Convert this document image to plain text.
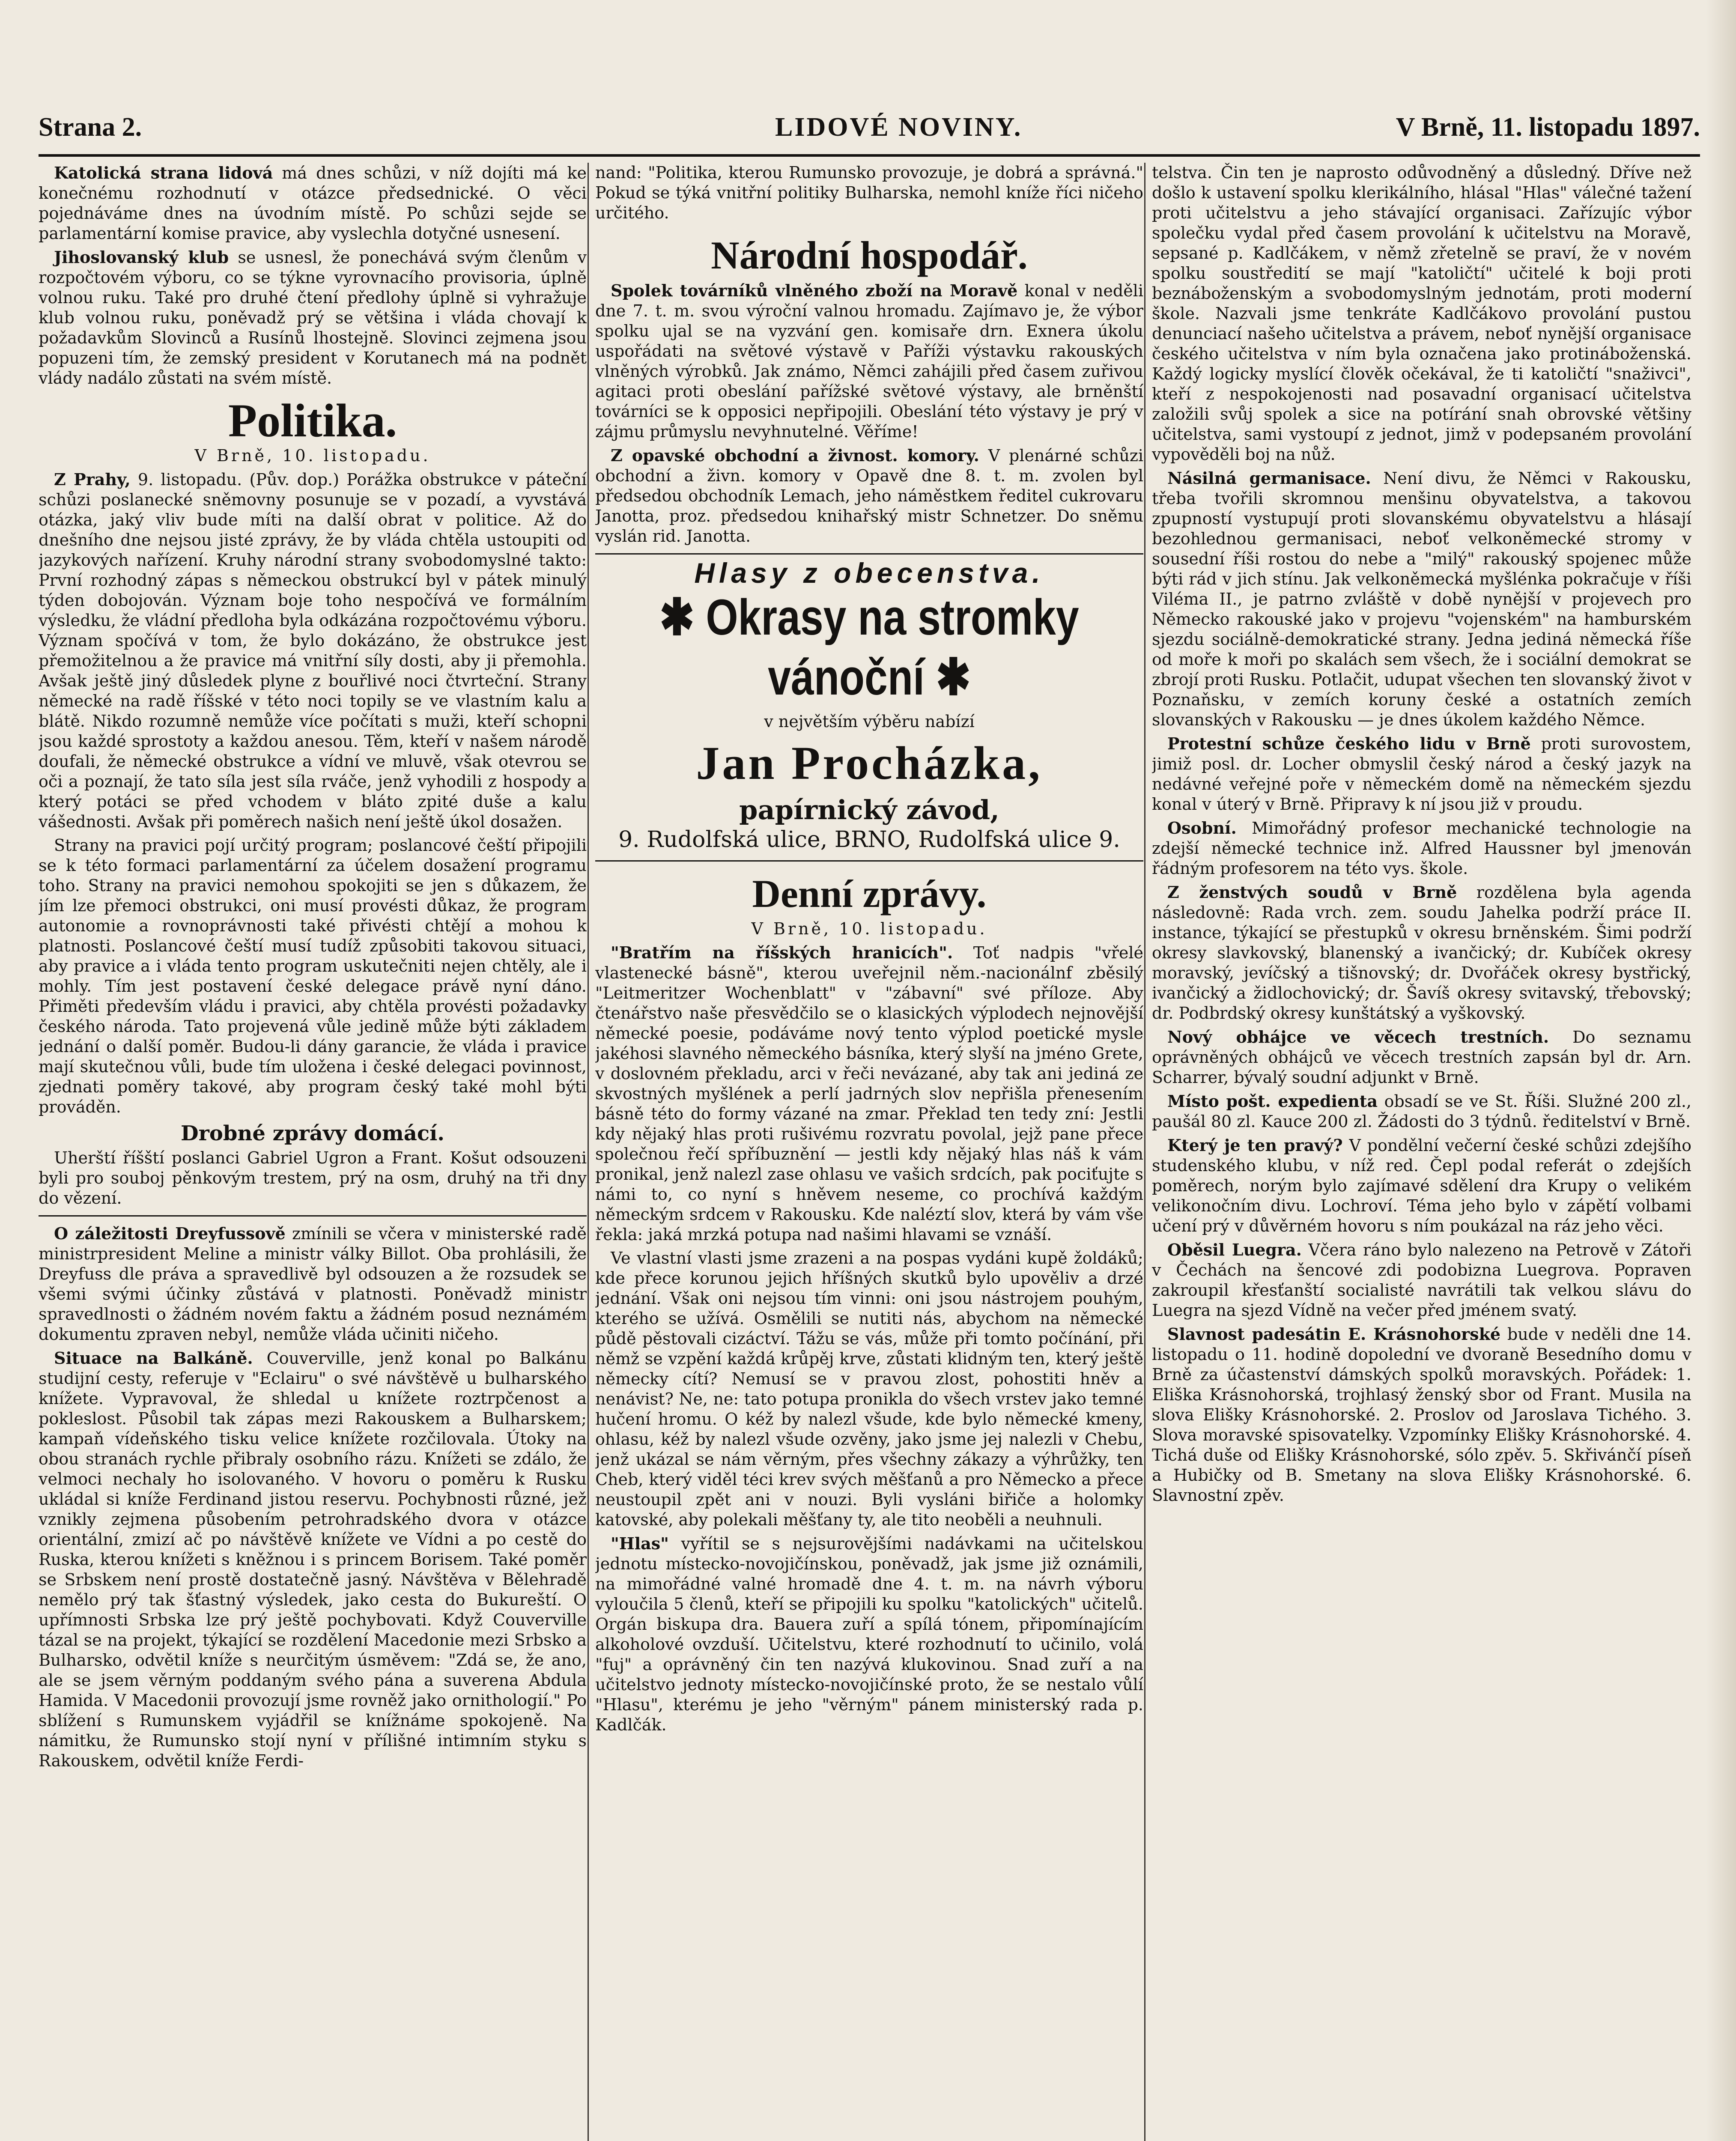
Strana 2.	LIDOVÉ NOVINY.	V Brně, 11. listopadu 1897.

Katolická strana lidová má dnes schůzi, v níž dojíti má ke konečnému rozhodnutí v otázce předsednické. O věci pojednáváme dnes na úvodním místě. Po schůzi sejde se parlamentární komise pravice, aby vyslechla dotyčné usnesení.

Jihoslovanský klub se usnesl, že ponechává svým členům v rozpočtovém výboru, co se týkne vyrovnacího provisoria, úplně volnou ruku. Také pro druhé čtení předlohy úplně si vyhražuje klub volnou ruku, poněvadž prý se většina i vláda chovají k požadavkům Slovinců a Rusínů lhostejně. Slovinci zejmena jsou popuzeni tím, že zemský president v Korutanech má na podnět vlády nadálo zůstati na svém místě.

Politika.
V Brně, 10. listopadu.

Z Prahy, 9. listopadu. (Pův. dop.) Porážka obstrukce v páteční schůzi poslanecké sněmovny posunuje se v pozadí, a vyvstává otázka, jaký vliv bude míti na další obrat v politice. Až do dnešního dne nejsou jisté zprávy, že by vláda chtěla ustoupiti od jazykových nařízení. Kruhy národní strany svobodomyslné takto: První rozhodný zápas s německou obstrukcí byl v pátek minulý týden dobojován. Význam boje toho nespočívá ve formálním výsledku, že vládní předloha byla odkázána rozpočtovému výboru. Význam spočívá v tom, že bylo dokázáno, že obstrukce jest přemožitelnou a že pravice má vnitřní síly dosti, aby ji přemohla. Avšak ještě jiný důsledek plyne z bouřlivé noci čtvrteční. Strany německé na radě říšské v této noci topily se ve vlastním kalu a blátě. Nikdo rozumně nemůže více počítati s muži, kteří schopni jsou každé sprostoty a každou anesou. Těm, kteří v našem národě doufali, že německé obstrukce a vídní ve mluvě, však otevrou se oči a poznají, že tato síla jest síla rváče, jenž vyhodili z hospody a který potáci se před vchodem v bláto zpité duše a kalu vášednosti. Avšak při poměrech našich není ještě úkol dosažen.

Strany na pravici pojí určitý program; poslancové čeští připojili se k této formaci parlamentární za účelem dosažení programu toho. Strany na pravici nemohou spokojiti se jen s důkazem, že jím lze přemoci obstrukci, oni musí provésti důkaz, že program autonomie a rovnoprávnosti také přivésti chtějí a mohou k platnosti. Poslancové čeští musí tudíž způsobiti takovou situaci, aby pravice a i vláda tento program uskutečniti nejen chtěly, ale i mohly. Tím jest postavení české delegace právě nyní dáno. Přiměti především vládu i pravici, aby chtěla provésti požadavky českého národa. Tato projevená vůle jedině může býti základem jednání o další poměr. Budou-li dány garancie, že vláda i pravice mají skutečnou vůli, bude tím uložena i české delegaci povinnost, zjednati poměry takové, aby program český také mohl býti prováděn.

Drobné zprávy domácí.

Uherští říšští poslanci Gabriel Ugron a Frant. Košut odsouzeni byli pro souboj pěnkovým trestem, prý na osm, druhý na tři dny do vězení.

O záležitosti Dreyfussově zmínili se včera v ministerské radě ministrpresident Meline a ministr války Billot. Oba prohlásili, že Dreyfuss dle práva a spravedlivě byl odsouzen a že rozsudek se všemi svými účinky zůstává v platnosti. Poněvadž ministr spravedlnosti o žádném novém faktu a žádném posud neznámém dokumentu zpraven nebyl, nemůže vláda učiniti ničeho.

Situace na Balkáně. Couverville, jenž konal po Balkánu studijní cesty, referuje v "Eclairu" o své návštěvě u bulharského knížete. Vypravoval, že shledal u knížete roztrpčenost a pokleslost. Působil tak zápas mezi Rakouskem a Bulharskem; kampaň vídeňského tisku velice knížete rozčilovala. Útoky na obou stranách rychle přibraly osobního rázu. Knížeti se zdálo, že velmoci nechaly ho isolovaného. V hovoru o poměru k Rusku ukládal si kníže Ferdinand jistou reservu. Pochybnosti různé, jež vznikly zejmena působením petrohradského dvora v otázce orientální, zmizí ač po návštěvě knížete ve Vídni a po cestě do Ruska, kterou knížeti s kněžnou i s princem Borisem. Také poměr se Srbskem není prostě dostatečně jasný. Návštěva v Bělehradě nemělo prý tak šťastný výsledek, jako cesta do Bukureští. O upřímnosti Srbska lze prý ještě pochybovati. Když Couverville tázal se na projekt, týkající se rozdělení Macedonie mezi Srbsko a Bulharsko, odvětil kníže s neurčitým úsměvem: "Zdá se, že ano, ale se jsem věrným poddaným svého pána a suverena Abdula Hamida. V Macedonii provozují jsme rovněž jako ornithologií." Po sblížení s Rumunskem vyjádřil se knížnáme spokojeně. Na námitku, že Rumunsko stojí nyní v přílišné intimním styku s Rakouskem, odvětil kníže Ferdi-

nand: "Politika, kterou Rumunsko provozuje, je dobrá a správná." Pokud se týká vnitřní politiky Bulharska, nemohl kníže říci ničeho určitého.

Národní hospodář.

Spolek továrníků vlněného zboží na Moravě konal v neděli dne 7. t. m. svou výroční valnou hromadu. Zajímavo je, že výbor spolku ujal se na vyzvání gen. komisaře drn. Exnera úkolu uspořádati na světové výstavě v Paříži výstavku rakouských vlněných výrobků. Jak známo, Němci zahájili před časem zuřivou agitaci proti obeslání pařížské světové výstavy, ale brněnští továrníci se k opposici nepřipojili. Obeslání této výstavy je prý v zájmu průmyslu nevyhnutelné. Věříme!

Z opavské obchodní a živnost. komory. V plenárné schůzi obchodní a živn. komory v Opavě dne 8. t. m. zvolen byl předsedou obchodník Lemach, jeho náměstkem ředitel cukrovaru Janotta, proz. předsedou knihařský mistr Schnetzer. Do sněmu vyslán rid. Janotta.

Hlasy z obecenstva.
✱ Okrasy na stromky vánoční ✱
v největším výběru nabízí
Jan Procházka,
papírnický závod,
9. Rudolfská ulice, BRNO, Rudolfská ulice 9.
Denní zprávy.
V Brně, 10. listopadu.

"Bratřím na říšských hranicích". Toť nadpis "vřelé vlastenecké básně", kterou uveřejnil něm.-nacionálnf zběsilý "Leitmeritzer Wochenblatt" v "zábavní" své příloze. Aby čtenářstvo naše přesvědčilo se o klasických výplodech nejnovější německé poesie, podáváme nový tento výplod poetické mysle jakéhosi slavného německého básníka, který slyší na jméno Grete, v doslovném překladu, arci v řeči nevázané, aby tak ani jediná ze skvostných myšlének a perlí jadrných slov nepřišla přenesením básně této do formy vázané na zmar. Překlad ten tedy zní: Jestli kdy nějaký hlas proti rušivému rozvratu povolal, jejž pane přece společnou řečí spříbuznění — jestli kdy nějaký hlas náš k vám pronikal, jenž nalezl zase ohlasu ve vašich srdcích, pak pociťujte s námi to, co nyní s hněvem neseme, co prochívá každým německým srdcem v Rakousku. Kde naléztí slov, která by vám vše řekla: jaká mrzká potupa nad našimi hlavami se vznáší.

Ve vlastní vlasti jsme zrazeni a na pospas vydáni kupě žoldáků; kde přece korunou jejich hříšných skutků bylo upověliv a drzé jednání. Však oni nejsou tím vinni: oni jsou nástrojem pouhým, kterého se užívá. Osmělili se nutiti nás, abychom na německé půdě pěstovali cizáctví. Tážu se vás, může při tomto počínání, při němž se vzpění každá krůpěj krve, zůstati klidným ten, který ještě německy cítí? Nemusí se v pravou zlost, pohostiti hněv a nenávist? Ne, ne: tato potupa pronikla do všech vrstev jako temné hučení hromu. O kéž by nalezl všude, kde bylo německé kmeny, ohlasu, kéž by nalezl všude ozvěny, jako jsme jej nalezli v Chebu, jenž ukázal se nám věrným, přes všechny zákazy a výhrůžky, ten Cheb, který viděl téci krev svých měšťanů a pro Německo a přece neustoupil zpět ani v nouzi. Byli vysláni biřiče a holomky katovské, aby polekali měšťany ty, ale tito neoběli a neuhnuli.

"Hlas" vyřítil se s nejsurovějšími nadávkami na učitelskou jednotu místecko-novojičínskou, poněvadž, jak jsme již oznámili, na mimořádné valné hromadě dne 4. t. m. na návrh výboru vyloučila 5 členů, kteří se připojili ku spolku "katolických" učitelů. Orgán biskupa dra. Bauera zuří a spílá tónem, připomínajícím alkoholové ovzduší. Učitelstvu, které rozhodnutí to učinilo, volá "fuj" a oprávněný čin ten nazývá klukovinou. Snad zuří a na učitelstvo jednoty místecko-novojičínské proto, že se nestalo vůlí "Hlasu", kterému je jeho "věrným" pánem ministerský rada p. Kadlčák.

telstva. Čin ten je naprosto odůvodněný a důsledný. Dříve než došlo k ustavení spolku klerikálního, hlásal "Hlas" válečné tažení proti učitelstvu a jeho stávající organisaci. Zařízujíc výbor společku vydal před časem provolání k učitelstvu na Moravě, sepsané p. Kadlčákem, v němž zřetelně se praví, že v novém spolku soustředití se mají "katoličtí" učitelé k boji proti beznáboženským a svobodomyslným jednotám, proti moderní škole. Nazvali jsme tenkráte Kadlčákovo provolání pustou denunciací našeho učitelstva a právem, neboť nynější organisace českého učitelstva v ním byla označena jako protináboženská. Každý logicky myslící člověk očekával, že ti katoličtí "snaživci", kteří z nespokojenosti nad posavadní organisací učitelstva založili svůj spolek a sice na potírání snah obrovské většiny učitelstva, sami vystoupí z jednot, jimž v podepsaném provolání vypověděli boj na nůž.

Násilná germanisace. Není divu, že Němci v Rakousku, třeba tvořili skromnou menšinu obyvatelstva, a takovou zpupností vystupují proti slovanskému obyvatelstvu a hlásají bezohlednou germanisaci, neboť velkoněmecké stromy v sousední říši rostou do nebe a "milý" rakouský spojenec může býti rád v jich stínu. Jak velkoněmecká myšlénka pokračuje v říši Viléma II., je patrno zvláště v době nynější v projevech pro Německo rakouské jako v projevu "vojenském" na hamburském sjezdu sociálně-demokratické strany. Jedna jediná německá říše od moře k moři po skalách sem všech, že i sociální demokrat se zbrojí proti Rusku. Potlačit, udupat všechen ten slovanský život v Poznaňsku, v zemích koruny české a ostatních zemích slovanských v Rakousku — je dnes úkolem každého Němce.

Protestní schůze českého lidu v Brně proti surovostem, jimiž posl. dr. Locher obmyslil český národ a český jazyk na nedávné veřejné poře v německém domě na německém sjezdu konal v úterý v Brně. Připravy k ní jsou již v proudu.

Osobní. Mimořádný profesor mechanické technologie na zdejší německé technice inž. Alfred Haussner byl jmenován řádným profesorem na této vys. škole.

Z ženstvých soudů v Brně rozdělena byla agenda následovně: Rada vrch. zem. soudu Jahelka podrží práce II. instance, týkající se přestupků v okresu brněnském. Šimi podrží okresy slavkovský, blanenský a ivančický; dr. Kubíček okresy moravský, jevíčský a tišnovský; dr. Dvořáček okresy bystřický, ivančický a židlochovický; dr. Šavíš okresy svitavský, třebovský; dr. Podbrdský okresy kunštátský a vyškovský.

Nový obhájce ve věcech trestních. Do seznamu oprávněných obhájců ve věcech trestních zapsán byl dr. Arn. Scharrer, bývalý soudní adjunkt v Brně.

Místo pošt. expedienta obsadí se ve St. Říši. Služné 200 zl., paušál 80 zl. Kauce 200 zl. Žádosti do 3 týdnů. ředitelství v Brně.

Který je ten pravý? V pondělní večerní české schůzi zdejšího studenského klubu, v níž red. Čepl podal referát o zdejších poměrech, norým bylo zajímavé sdělení dra Krupy o velikém velikonočním divu. Lochroví. Téma jeho bylo v zápětí volbami učení prý v důvěrném hovoru s ním poukázal na ráz jeho věci.

Oběsil Luegra. Včera ráno bylo nalezeno na Petrově v Zátoři v Čechách na šencové zdi podobizna Luegrova. Popraven zakroupil křesťanští socialisté navrátili tak velkou slávu do Luegra na sjezd Vídně na večer před jménem svatý.

Slavnost padesátin E. Krásnohorské bude v neděli dne 14. listopadu o 11. hodině dopolední ve dvoraně Besedního domu v Brně za účastenství dámských spolků moravských. Pořádek: 1. Eliška Krásnohorská, trojhlasý ženský sbor od Frant. Musila na slova Elišky Krásnohorské. 2. Proslov od Jaroslava Tichého. 3. Slova moravské spisovatelky. Vzpomínky Elišky Krásnohorské. 4. Tichá duše od Elišky Krásnohorské, sólo zpěv. 5. Skřivánčí píseň a Hubičky od B. Smetany na slova Elišky Krásnohorské. 6. Slavnostní zpěv.
